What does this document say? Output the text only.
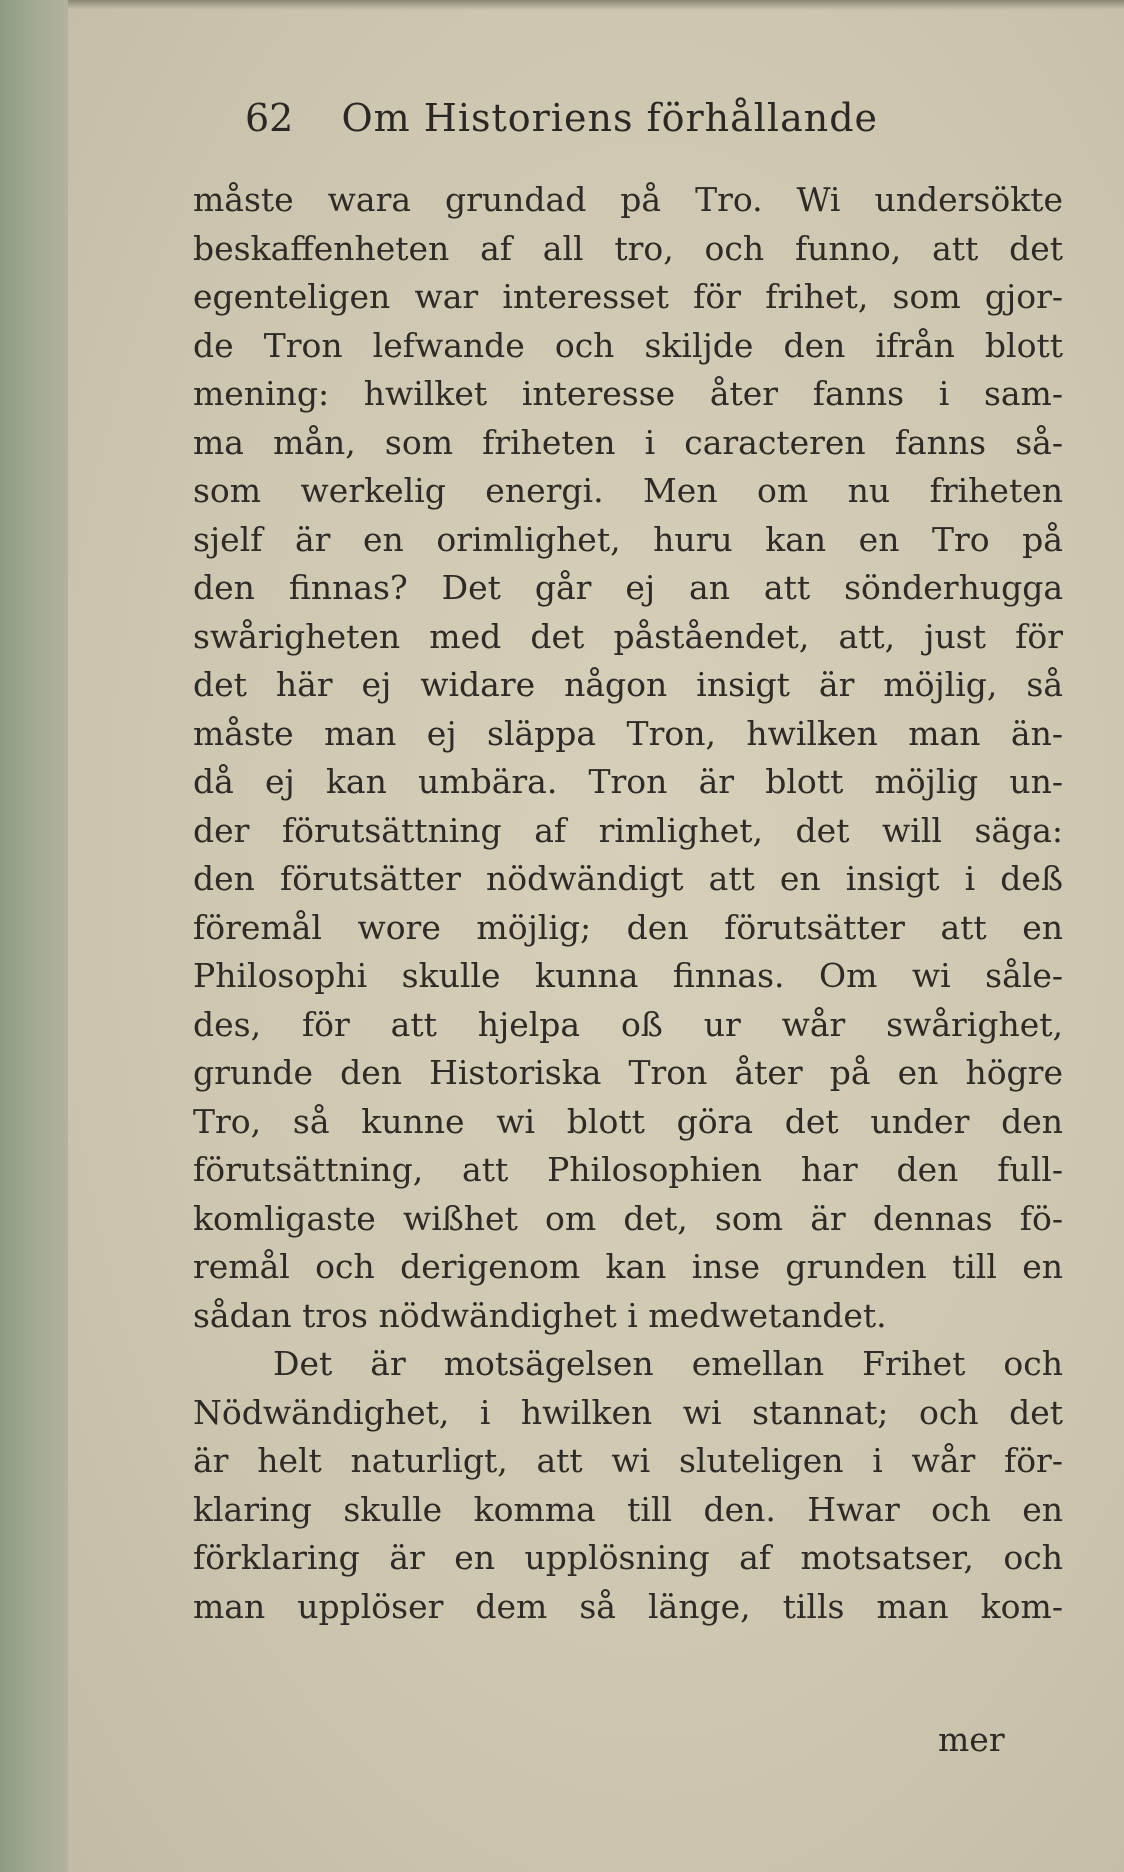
62 Om Historiens förhållande
måste wara grundad på Tro. Wi undersökte
beskaffenheten af all tro, och funno, att det
egenteligen war interesset för frihet, som gjor-
de Tron lefwande och skiljde den ifrån blott
mening: hwilket interesse åter fanns i sam-
ma mån, som friheten i caracteren fanns så-
som werkelig energi. Men om nu friheten
sjelf är en orimlighet, huru kan en Tro på
den finnas? Det går ej an att sönderhugga
swårigheten med det påståendet, att, just för
det här ej widare någon insigt är möjlig, så
måste man ej släppa Tron, hwilken man än-
då ej kan umbära. Tron är blott möjlig un-
der förutsättning af rimlighet, det will säga:
den förutsätter nödwändigt att en insigt i deß
föremål wore möjlig; den förutsätter att en
Philosophi skulle kunna finnas. Om wi såle-
des, för att hjelpa oß ur wår swårighet,
grunde den Historiska Tron åter på en högre
Tro, så kunne wi blott göra det under den
förutsättning, att Philosophien har den full-
komligaste wißhet om det, som är dennas fö-
remål och derigenom kan inse grunden till en
sådan tros nödwändighet i medwetandet.
Det är motsägelsen emellan Frihet och
Nödwändighet, i hwilken wi stannat; och det
är helt naturligt, att wi sluteligen i wår för-
klaring skulle komma till den. Hwar och en
förklaring är en upplösning af motsatser, och
man upplöser dem så länge, tills man kom-
mer
